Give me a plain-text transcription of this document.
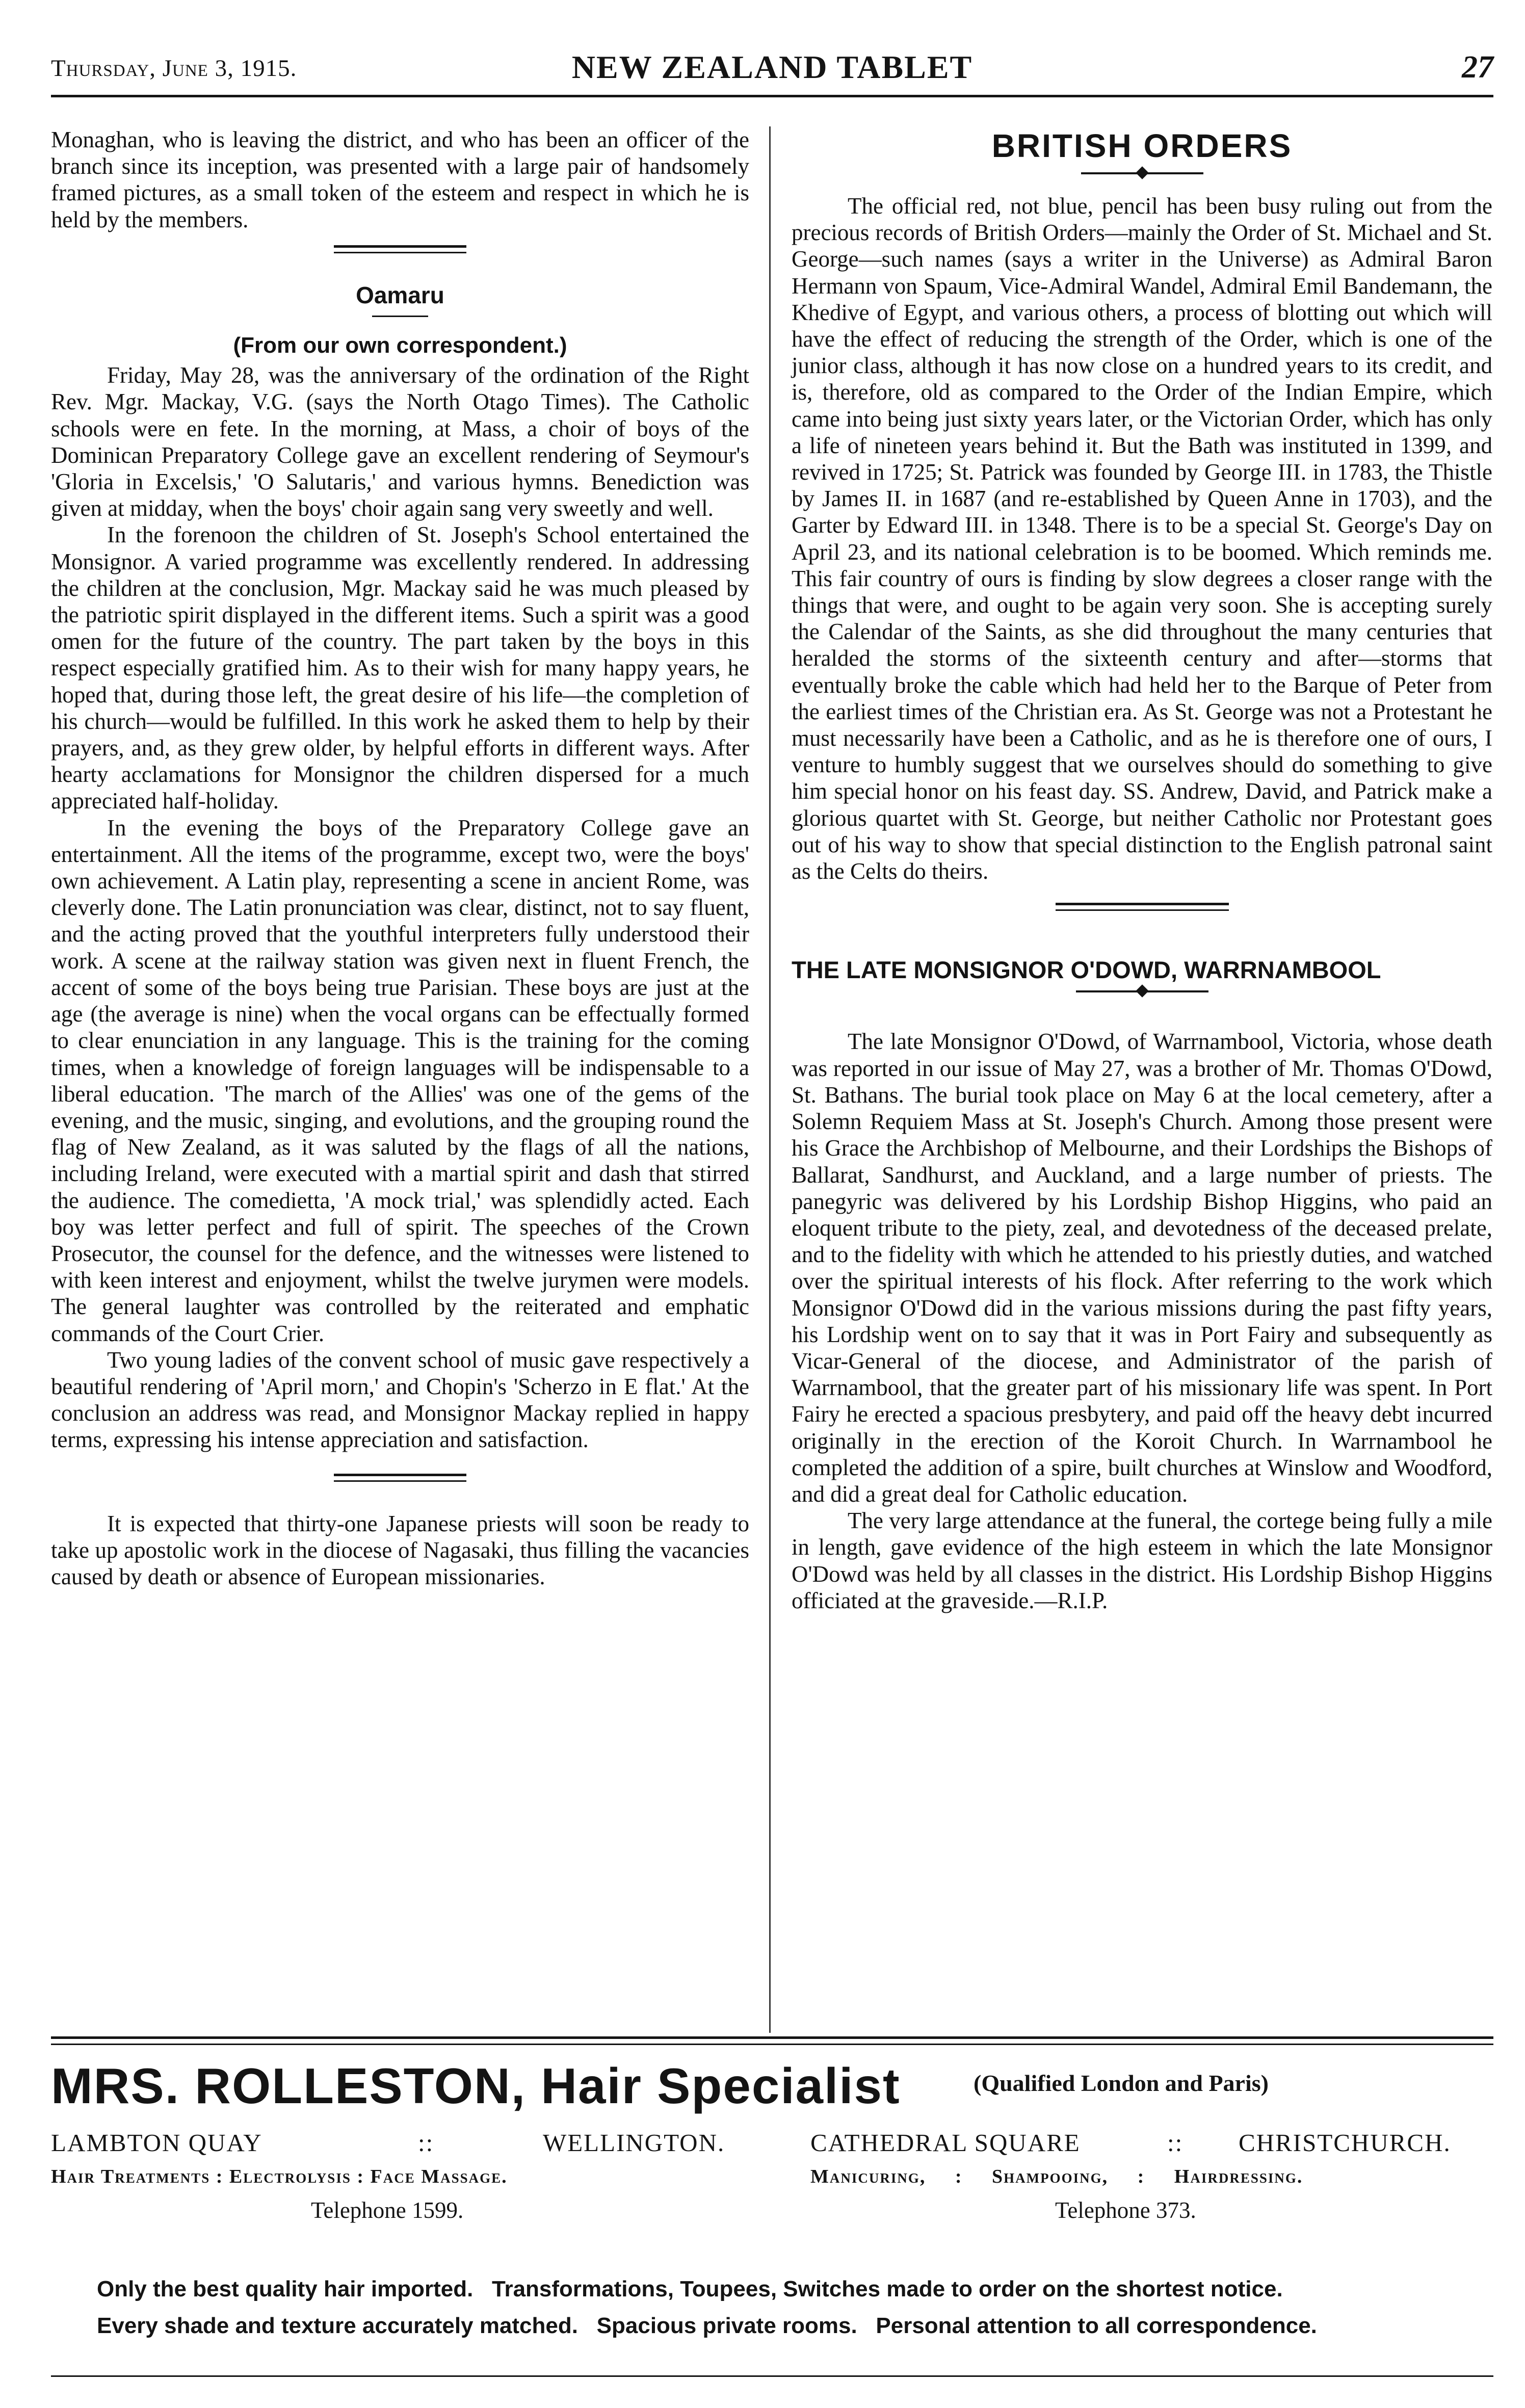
Thursday, June 3, 1915.	NEW ZEALAND TABLET	27

Monaghan, who is leaving the district, and who has been an officer of the branch since its inception, was presented with a large pair of handsomely framed pictures, as a small token of the esteem and respect in which he is held by the members.

Oamaru
(From our own correspondent.)

Friday, May 28, was the anniversary of the ordination of the Right Rev. Mgr. Mackay, V.G. (says the North Otago Times). The Catholic schools were en fete. In the morning, at Mass, a choir of boys of the Dominican Preparatory College gave an excellent rendering of Seymour's 'Gloria in Excelsis,' 'O Salutaris,' and various hymns. Benediction was given at midday, when the boys' choir again sang very sweetly and well.

In the forenoon the children of St. Joseph's School entertained the Monsignor. A varied programme was excellently rendered. In addressing the children at the conclusion, Mgr. Mackay said he was much pleased by the patriotic spirit displayed in the different items. Such a spirit was a good omen for the future of the country. The part taken by the boys in this respect especially gratified him. As to their wish for many happy years, he hoped that, during those left, the great desire of his life—the completion of his church—would be fulfilled. In this work he asked them to help by their prayers, and, as they grew older, by helpful efforts in different ways. After hearty acclamations for Monsignor the children dispersed for a much appreciated half-holiday.

In the evening the boys of the Preparatory College gave an entertainment. All the items of the programme, except two, were the boys' own achievement. A Latin play, representing a scene in ancient Rome, was cleverly done. The Latin pronunciation was clear, distinct, not to say fluent, and the acting proved that the youthful interpreters fully understood their work. A scene at the railway station was given next in fluent French, the accent of some of the boys being true Parisian. These boys are just at the age (the average is nine) when the vocal organs can be effectually formed to clear enunciation in any language. This is the training for the coming times, when a knowledge of foreign languages will be indispensable to a liberal education. 'The march of the Allies' was one of the gems of the evening, and the music, singing, and evolutions, and the grouping round the flag of New Zealand, as it was saluted by the flags of all the nations, including Ireland, were executed with a martial spirit and dash that stirred the audience. The comedietta, 'A mock trial,' was splendidly acted. Each boy was letter perfect and full of spirit. The speeches of the Crown Prosecutor, the counsel for the defence, and the witnesses were listened to with keen interest and enjoyment, whilst the twelve jurymen were models. The general laughter was controlled by the reiterated and emphatic commands of the Court Crier.

Two young ladies of the convent school of music gave respectively a beautiful rendering of 'April morn,' and Chopin's 'Scherzo in E flat.' At the conclusion an address was read, and Monsignor Mackay replied in happy terms, expressing his intense appreciation and satisfaction.

It is expected that thirty-one Japanese priests will soon be ready to take up apostolic work in the diocese of Nagasaki, thus filling the vacancies caused by death or absence of European missionaries.

BRITISH ORDERS

The official red, not blue, pencil has been busy ruling out from the precious records of British Orders—mainly the Order of St. Michael and St. George—such names (says a writer in the Universe) as Admiral Baron Hermann von Spaum, Vice-Admiral Wandel, Admiral Emil Bandemann, the Khedive of Egypt, and various others, a process of blotting out which will have the effect of reducing the strength of the Order, which is one of the junior class, although it has now close on a hundred years to its credit, and is, therefore, old as compared to the Order of the Indian Empire, which came into being just sixty years later, or the Victorian Order, which has only a life of nineteen years behind it. But the Bath was instituted in 1399, and revived in 1725; St. Patrick was founded by George III. in 1783, the Thistle by James II. in 1687 (and re-established by Queen Anne in 1703), and the Garter by Edward III. in 1348. There is to be a special St. George's Day on April 23, and its national celebration is to be boomed. Which reminds me. This fair country of ours is finding by slow degrees a closer range with the things that were, and ought to be again very soon. She is accepting surely the Calendar of the Saints, as she did throughout the many centuries that heralded the storms of the sixteenth century and after—storms that eventually broke the cable which had held her to the Barque of Peter from the earliest times of the Christian era. As St. George was not a Protestant he must necessarily have been a Catholic, and as he is therefore one of ours, I venture to humbly suggest that we ourselves should do something to give him special honor on his feast day. SS. Andrew, David, and Patrick make a glorious quartet with St. George, but neither Catholic nor Protestant goes out of his way to show that special distinction to the English patronal saint as the Celts do theirs.

THE LATE MONSIGNOR O'DOWD, WARRNAMBOOL

The late Monsignor O'Dowd, of Warrnambool, Victoria, whose death was reported in our issue of May 27, was a brother of Mr. Thomas O'Dowd, St. Bathans. The burial took place on May 6 at the local cemetery, after a Solemn Requiem Mass at St. Joseph's Church. Among those present were his Grace the Archbishop of Melbourne, and their Lordships the Bishops of Ballarat, Sandhurst, and Auckland, and a large number of priests. The panegyric was delivered by his Lordship Bishop Higgins, who paid an eloquent tribute to the piety, zeal, and devotedness of the deceased prelate, and to the fidelity with which he attended to his priestly duties, and watched over the spiritual interests of his flock. After referring to the work which Monsignor O'Dowd did in the various missions during the past fifty years, his Lordship went on to say that it was in Port Fairy and subsequently as Vicar-General of the diocese, and Administrator of the parish of Warrnambool, that the greater part of his missionary life was spent. In Port Fairy he erected a spacious presbytery, and paid off the heavy debt incurred originally in the erection of the Koroit Church. In Warrnambool he completed the addition of a spire, built churches at Winslow and Woodford, and did a great deal for Catholic education.

The very large attendance at the funeral, the cortege being fully a mile in length, gave evidence of the high esteem in which the late Monsignor O'Dowd was held by all classes in the district. His Lordship Bishop Higgins officiated at the graveside.—R.I.P.

MRS. ROLLESTON, Hair Specialist	(Qualified London and Paris)
LAMBTON QUAY	::	WELLINGTON.
Hair Treatments : Electrolysis : Face Massage.
Telephone 1599.
CATHEDRAL SQUARE	:: CHRISTCHURCH.
Manicuring,     :     Shampooing,     :     Hairdressing.
Telephone 373.
Only the best quality hair imported.   Transformations, Toupees, Switches made to order on the shortest notice.
Every shade and texture accurately matched.   Spacious private rooms.   Personal attention to all correspondence.
